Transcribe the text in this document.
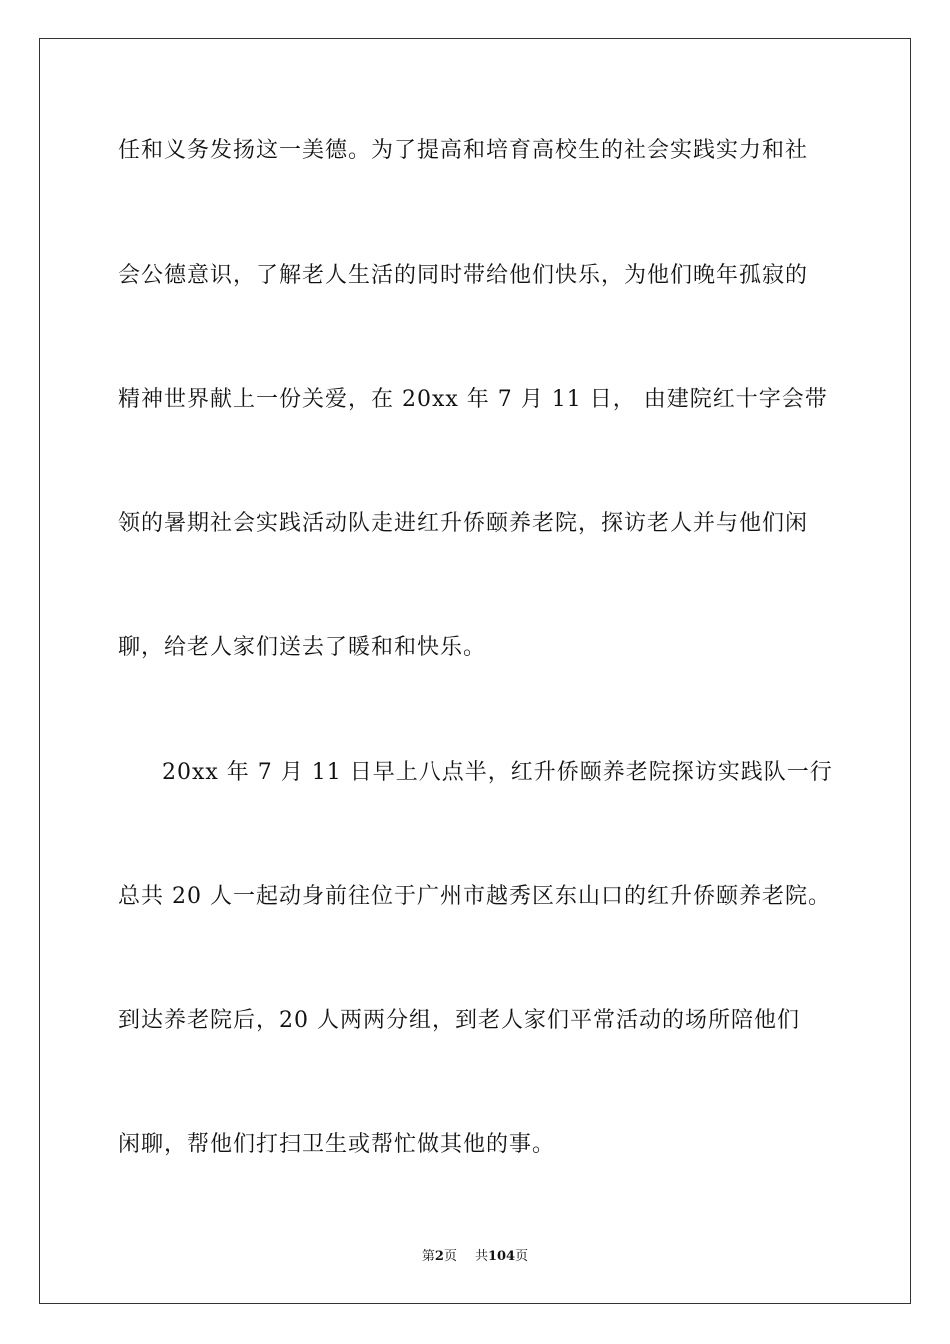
任和义务发扬这一美德。为了提高和培育高校生的社会实践实力和社
会公德意识，了解老人生活的同时带给他们快乐，为他们晚年孤寂的
精神世界献上一份关爱，在 20xx 年 7 月 11 日， 由建院红十字会带
领的暑期社会实践活动队走进红升侨颐养老院，探访老人并与他们闲
聊，给老人家们送去了暖和和快乐。
20xx 年 7 月 11 日早上八点半，红升侨颐养老院探访实践队一行
总共 20 人一起动身前往位于广州市越秀区东山口的红升侨颐养老院。
到达养老院后，20 人两两分组，到老人家们平常活动的场所陪他们
闲聊，帮他们打扫卫生或帮忙做其他的事。
第2页 共104页
